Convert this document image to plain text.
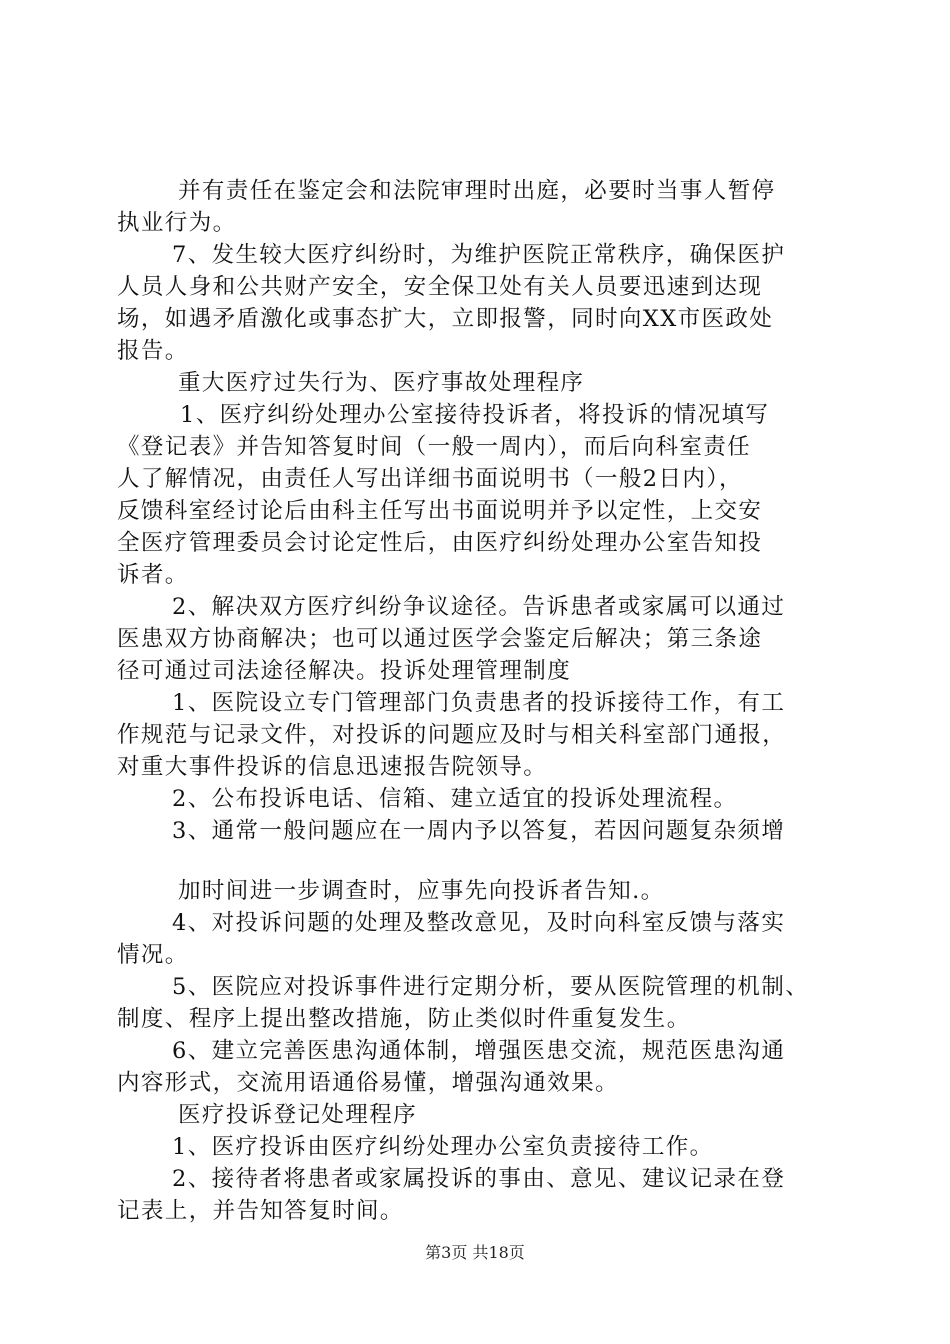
并有责任在鉴定会和法院审理时出庭，必要时当事人暂停
执业行为。
7、发生较大医疗纠纷时，为维护医院正常秩序，确保医护
人员人身和公共财产安全，安全保卫处有关人员要迅速到达现
场，如遇矛盾激化或事态扩大，立即报警，同时向XX市医政处
报告。
重大医疗过失行为、医疗事故处理程序
1、医疗纠纷处理办公室接待投诉者，将投诉的情况填写
《登记表》并告知答复时间（一般一周内），而后向科室责任
人了解情况，由责任人写出详细书面说明书（一般2日内），
反馈科室经讨论后由科主任写出书面说明并予以定性，上交安
全医疗管理委员会讨论定性后，由医疗纠纷处理办公室告知投
诉者。
2、解决双方医疗纠纷争议途径。告诉患者或家属可以通过
医患双方协商解决；也可以通过医学会鉴定后解决；第三条途
径可通过司法途径解决。投诉处理管理制度
1、医院设立专门管理部门负责患者的投诉接待工作，有工
作规范与记录文件，对投诉的问题应及时与相关科室部门通报，
对重大事件投诉的信息迅速报告院领导。
2、公布投诉电话、信箱、建立适宜的投诉处理流程。
3、通常一般问题应在一周内予以答复，若因问题复杂须增
加时间进一步调查时，应事先向投诉者告知.。
4、对投诉问题的处理及整改意见，及时向科室反馈与落实
情况。
5、医院应对投诉事件进行定期分析，要从医院管理的机制、
制度、程序上提出整改措施，防止类似时件重复发生。
6、建立完善医患沟通体制，增强医患交流，规范医患沟通
内容形式，交流用语通俗易懂，增强沟通效果。
医疗投诉登记处理程序
1、医疗投诉由医疗纠纷处理办公室负责接待工作。
2、接待者将患者或家属投诉的事由、意见、建议记录在登
记表上，并告知答复时间。
第3页 共18页
